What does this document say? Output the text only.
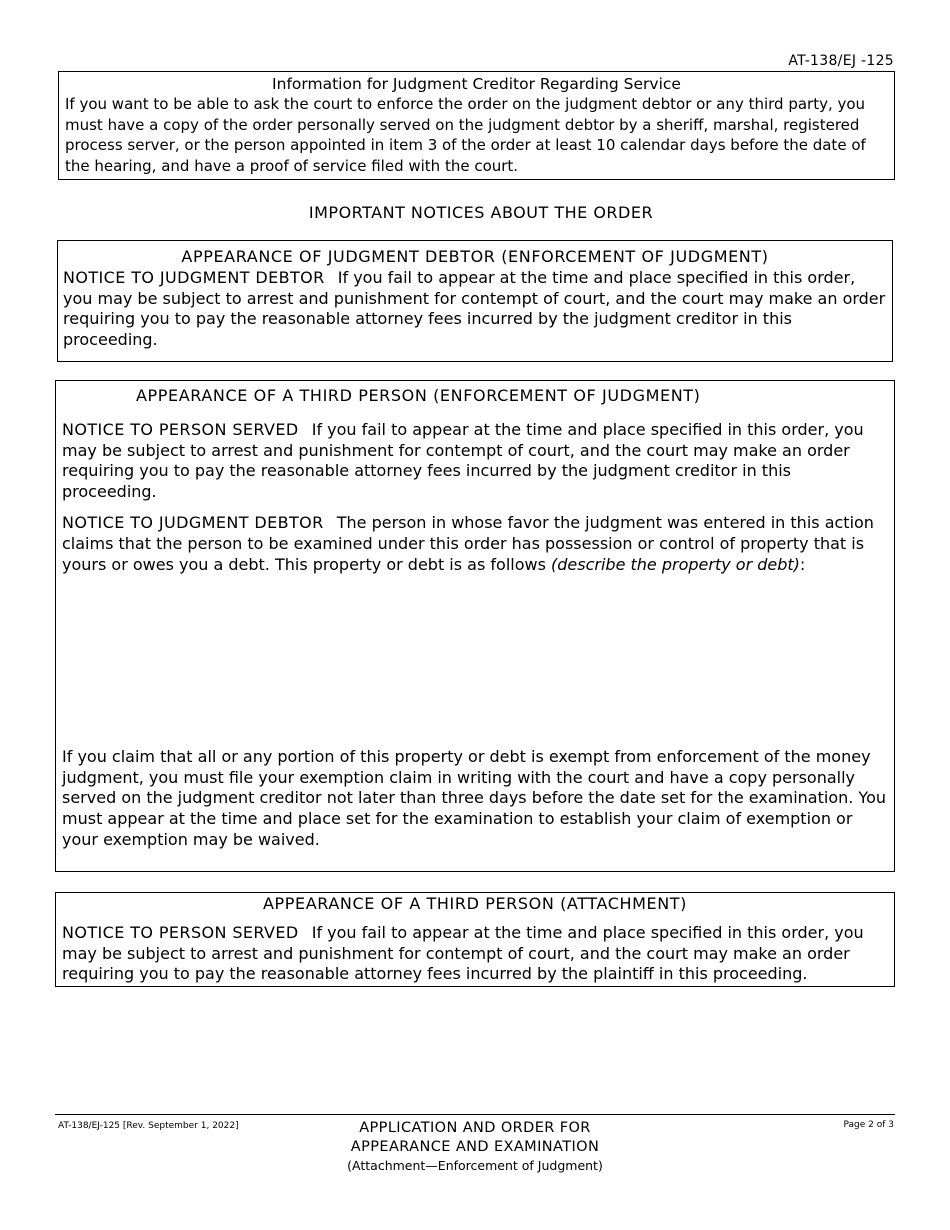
AT-138/EJ -125
Information for Judgment Creditor Regarding Service
If you want to be able to ask the court to enforce the order on the judgment debtor or any third party, you must have a copy of the order personally served on the judgment debtor by a sheriff, marshal, registered process server, or the person appointed in item 3 of the order at least 10 calendar days before the date of the hearing, and have a proof of service filed with the court.
IMPORTANT NOTICES ABOUT THE ORDER
APPEARANCE OF JUDGMENT DEBTOR (ENFORCEMENT OF JUDGMENT)

NOTICE TO JUDGMENT DEBTOR If you fail to appear at the time and place specified in this order, you may be subject to arrest and punishment for contempt of court, and the court may make an order requiring you to pay the reasonable attorney fees incurred by the judgment creditor in this proceeding.

APPEARANCE OF A THIRD PERSON (ENFORCEMENT OF JUDGMENT)

NOTICE TO PERSON SERVED If you fail to appear at the time and place specified in this order, you may be subject to arrest and punishment for contempt of court, and the court may make an order requiring you to pay the reasonable attorney fees incurred by the judgment creditor in this proceeding.

NOTICE TO JUDGMENT DEBTOR The person in whose favor the judgment was entered in this action claims that the person to be examined under this order has possession or control of property that is yours or owes you a debt. This property or debt is as follows (describe the property or debt):

If you claim that all or any portion of this property or debt is exempt from enforcement of the money judgment, you must file your exemption claim in writing with the court and have a copy personally served on the judgment creditor not later than three days before the date set for the examination. You must appear at the time and place set for the examination to establish your claim of exemption or your exemption may be waived.

APPEARANCE OF A THIRD PERSON (ATTACHMENT)

NOTICE TO PERSON SERVED If you fail to appear at the time and place specified in this order, you may be subject to arrest and punishment for contempt of court, and the court may make an order requiring you to pay the reasonable attorney fees incurred by the plaintiff in this proceeding.

AT-138/EJ-125 [Rev. September 1, 2022]	APPLICATION AND ORDER FOR
APPEARANCE AND EXAMINATION
(Attachment—Enforcement of Judgment)
Page 2 of 3
